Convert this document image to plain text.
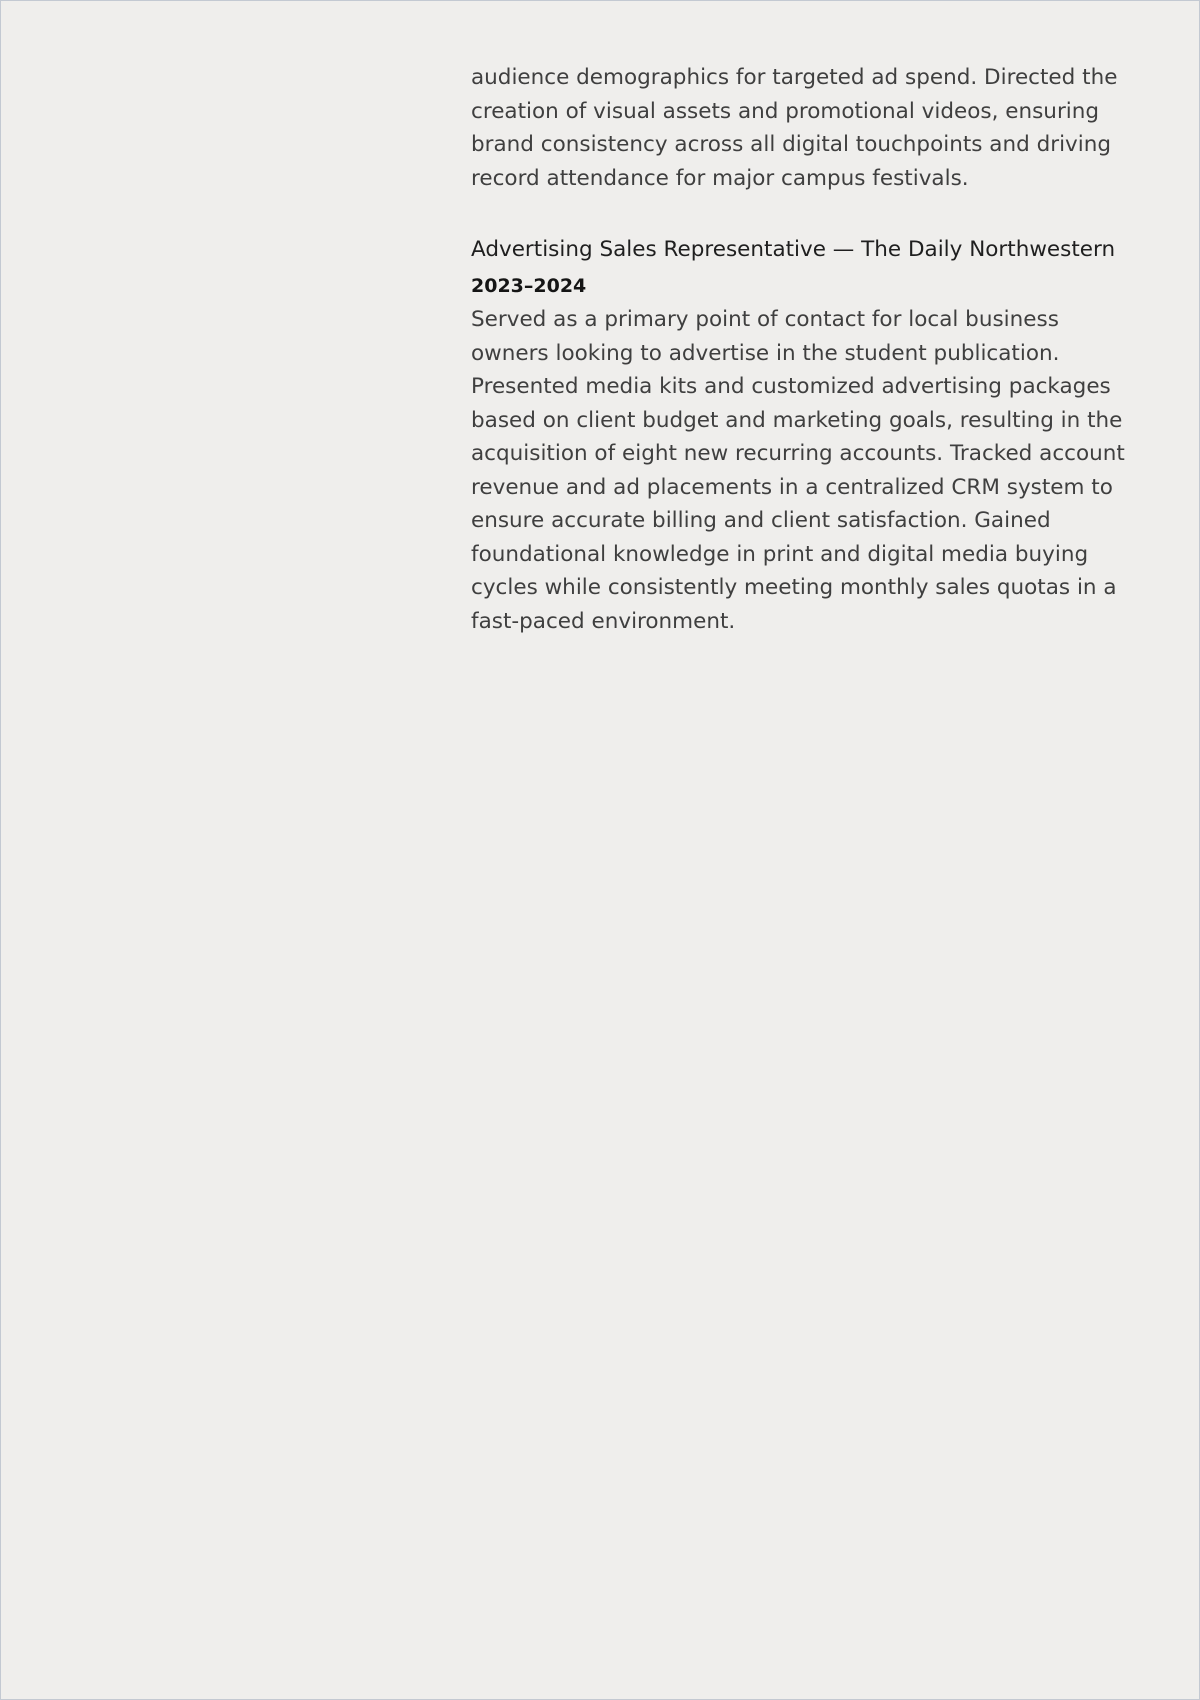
audience demographics for targeted ad spend. Directed the creation of visual assets and promotional videos, ensuring brand consistency across all digital touchpoints and driving record attendance for major campus festivals.

Advertising Sales Representative — The Daily Northwestern
2023–2024

Served as a primary point of contact for local business owners looking to advertise in the student publication. Presented media kits and customized advertising packages based on client budget and marketing goals, resulting in the acquisition of eight new recurring accounts. Tracked account revenue and ad placements in a centralized CRM system to ensure accurate billing and client satisfaction. Gained foundational knowledge in print and digital media buying cycles while consistently meeting monthly sales quotas in a fast-paced environment.
